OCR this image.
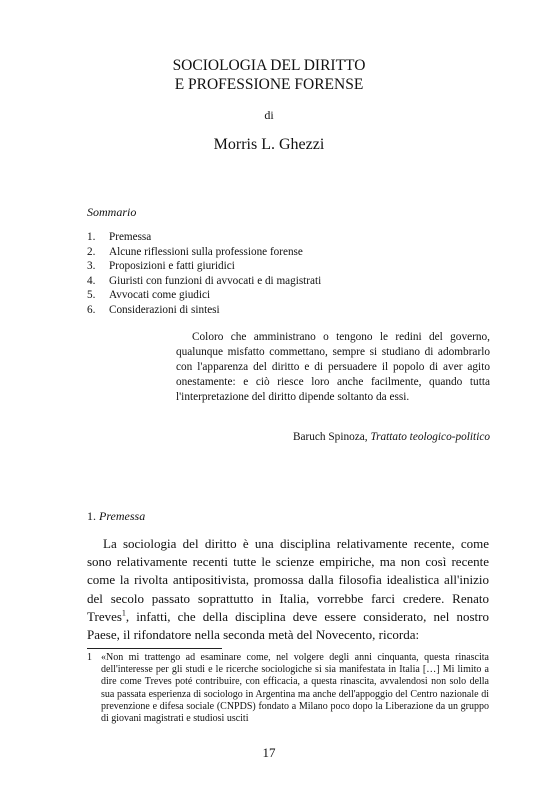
SOCIOLOGIA DEL DIRITTO
E PROFESSIONE FORENSE
di
Morris L. Ghezzi
Sommario
1.	Premessa
2.	Alcune riflessioni sulla professione forense
3.	Proposizioni e fatti giuridici
4.	Giuristi con funzioni di avvocati e di magistrati
5.	Avvocati come giudici
6.	Considerazioni di sintesi

Coloro che amministrano o tengono le redini del governo, qualunque misfatto commettano, sempre si studiano di adombrarlo con l'apparenza del diritto e di persuadere il popolo di aver agito onestamente: e ciò riesce loro anche facilmente, quando tutta l'interpretazione del diritto dipende soltanto da essi.

Baruch Spinoza, Trattato teologico-politico
1. Premessa

La sociologia del diritto è una disciplina relativamente recente, come sono relativamente recenti tutte le scienze empiriche, ma non così recente come la rivolta antipositivista, promossa dalla filosofia idealistica all'inizio del secolo passato soprattutto in Italia, vorrebbe farci credere. Renato Treves$^1$, infatti, che della disciplina deve essere considerato, nel nostro Paese, il rifondatore nella seconda metà del Novecento, ricorda:

1 «Non mi trattengo ad esaminare come, nel volgere degli anni cinquanta, questa rinascita dell'interesse per gli studi e le ricerche sociologiche si sia manifestata in Italia […] Mi limito a dire come Treves poté contribuire, con efficacia, a questa rinascita, avvalendosi non solo della sua passata esperienza di sociologo in Argentina ma anche dell'appoggio del Centro nazionale di prevenzione e difesa sociale (CNPDS) fondato a Milano poco dopo la Liberazione da un gruppo di giovani magistrati e studiosi usciti
17
